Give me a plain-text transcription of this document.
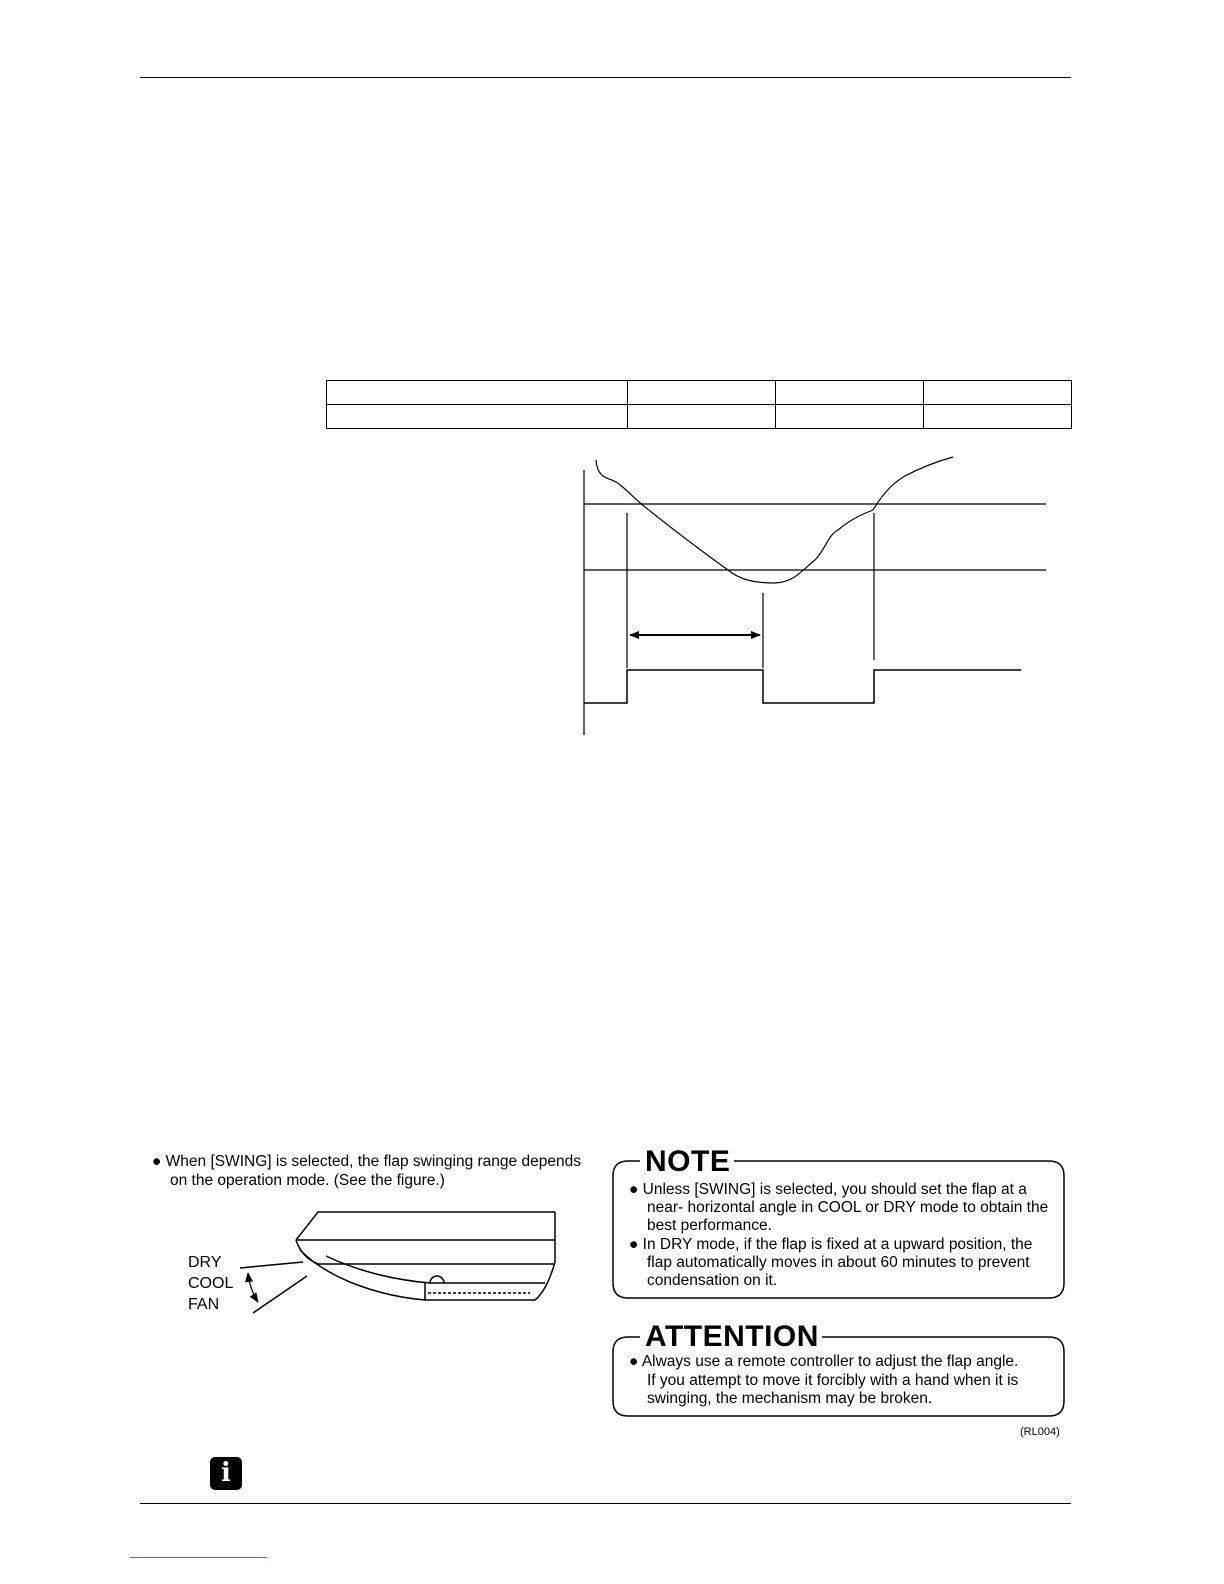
● When [SWING] is selected, the flap swinging range depends
on the operation mode. (See the figure.)
DRY
COOL
FAN
NOTE
● Unless [SWING] is selected, you should set the flap at a
near- horizontal angle in COOL or DRY mode to obtain the
best performance.
● In DRY mode, if the flap is fixed at a upward position, the
flap automatically moves in about 60 minutes to prevent
condensation on it.
ATTENTION
● Always use a remote controller to adjust the flap angle.
If you attempt to move it forcibly with a hand when it is
swinging, the mechanism may be broken.
(RL004)
i
